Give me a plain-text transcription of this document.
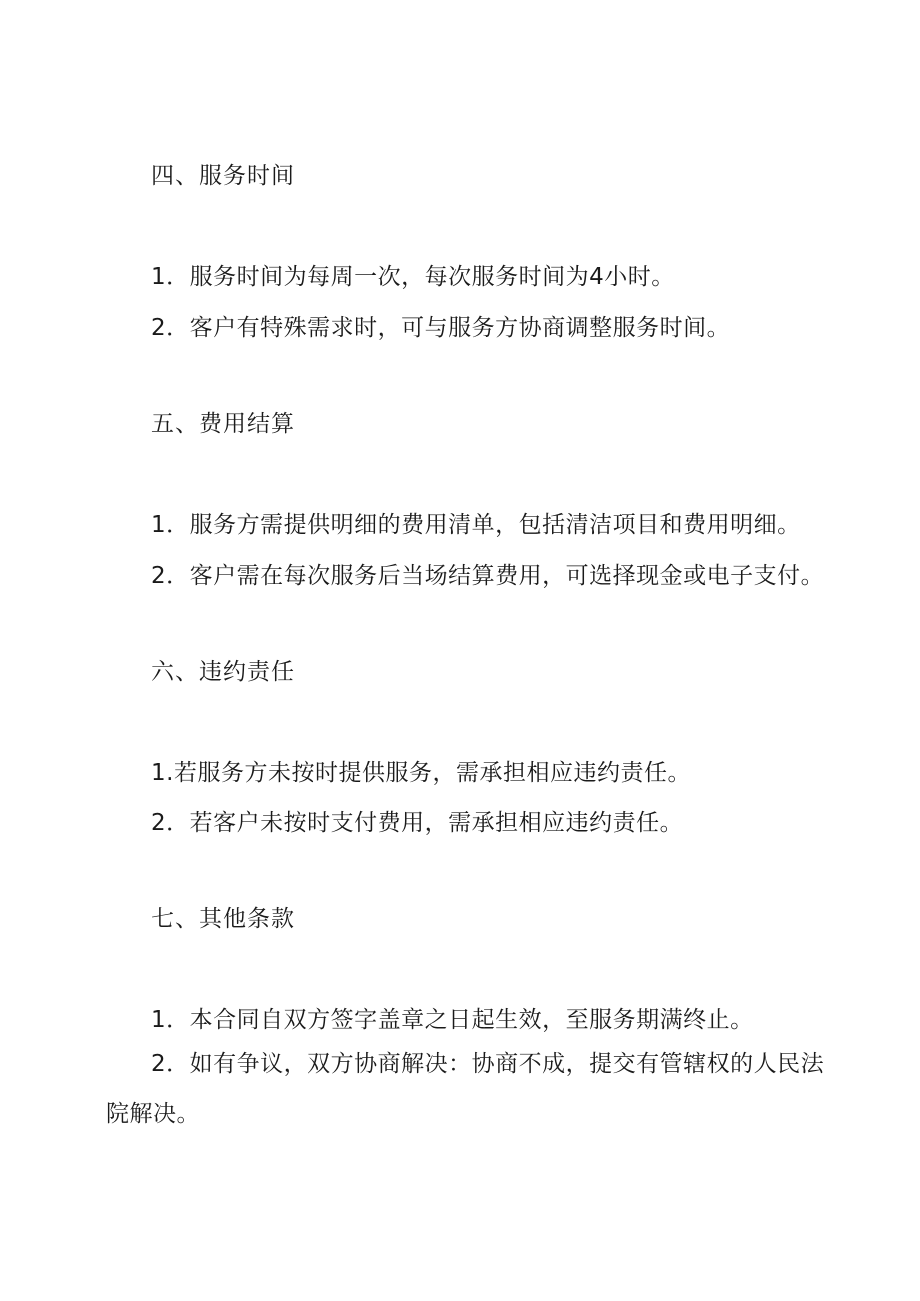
四、服务时间
1．服务时间为每周一次，每次服务时间为4小时。
2．客户有特殊需求时，可与服务方协商调整服务时间。
五、费用结算
1．服务方需提供明细的费用清单，包括清洁项目和费用明细。
2．客户需在每次服务后当场结算费用，可选择现金或电子支付。
六、违约责任
1.若服务方未按时提供服务，需承担相应违约责任。
2．若客户未按时支付费用，需承担相应违约责任。
七、其他条款
1．本合同自双方签字盖章之日起生效，至服务期满终止。
2．如有争议，双方协商解决：协商不成，提交有管辖权的人民法
院解决。
